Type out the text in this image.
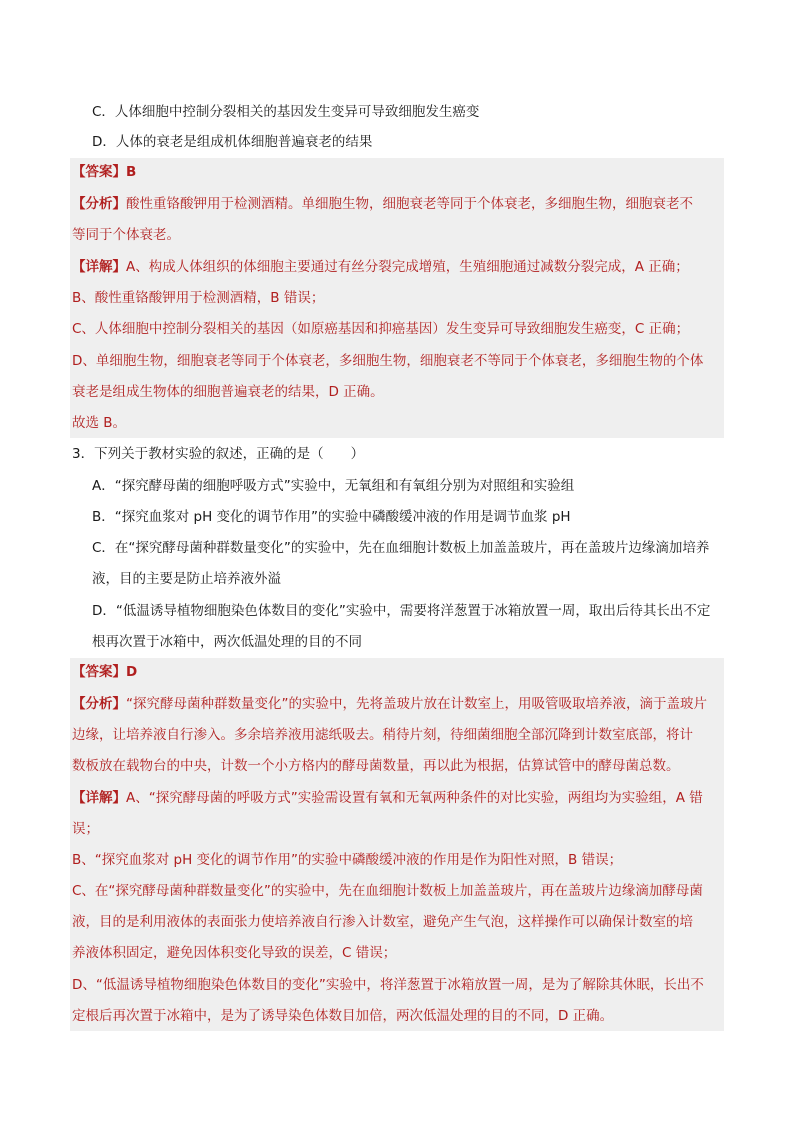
C．人体细胞中控制分裂相关的基因发生变异可导致细胞发生癌变
D．人体的衰老是组成机体细胞普遍衰老的结果
【答案】B
【分析】酸性重铬酸钾用于检测酒精。单细胞生物，细胞衰老等同于个体衰老，多细胞生物，细胞衰老不
等同于个体衰老。
【详解】A、构成人体组织的体细胞主要通过有丝分裂完成增殖，生殖细胞通过减数分裂完成，A 正确；
B、酸性重铬酸钾用于检测酒精，B 错误；
C、人体细胞中控制分裂相关的基因（如原癌基因和抑癌基因）发生变异可导致细胞发生癌变，C 正确；
D、单细胞生物，细胞衰老等同于个体衰老，多细胞生物，细胞衰老不等同于个体衰老，多细胞生物的个体
衰老是组成生物体的细胞普遍衰老的结果，D 正确。
故选 B。
3．下列关于教材实验的叙述，正确的是（　　）
A．“探究酵母菌的细胞呼吸方式”实验中，无氧组和有氧组分别为对照组和实验组
B．“探究血浆对 pH 变化的调节作用”的实验中磷酸缓冲液的作用是调节血浆 pH
C．在“探究酵母菌种群数量变化”的实验中，先在血细胞计数板上加盖盖玻片，再在盖玻片边缘滴加培养
液，目的主要是防止培养液外溢
D．“低温诱导植物细胞染色体数目的变化”实验中，需要将洋葱置于冰箱放置一周，取出后待其长出不定
根再次置于冰箱中，两次低温处理的目的不同
【答案】D
【分析】“探究酵母菌种群数量变化”的实验中，先将盖玻片放在计数室上，用吸管吸取培养液，滴于盖玻片
边缘，让培养液自行渗入。多余培养液用滤纸吸去。稍待片刻，待细菌细胞全部沉降到计数室底部，将计
数板放在载物台的中央，计数一个小方格内的酵母菌数量，再以此为根据，估算试管中的酵母菌总数。
【详解】A、“探究酵母菌的呼吸方式”实验需设置有氧和无氧两种条件的对比实验，两组均为实验组，A 错
误；
B、“探究血浆对 pH 变化的调节作用”的实验中磷酸缓冲液的作用是作为阳性对照，B 错误；
C、在“探究酵母菌种群数量变化”的实验中，先在血细胞计数板上加盖盖玻片，再在盖玻片边缘滴加酵母菌
液，目的是利用液体的表面张力使培养液自行渗入计数室，避免产生气泡，这样操作可以确保计数室的培
养液体积固定，避免因体积变化导致的误差，C 错误；
D、“低温诱导植物细胞染色体数目的变化”实验中，将洋葱置于冰箱放置一周，是为了解除其休眠，长出不
定根后再次置于冰箱中，是为了诱导染色体数目加倍，两次低温处理的目的不同，D 正确。
